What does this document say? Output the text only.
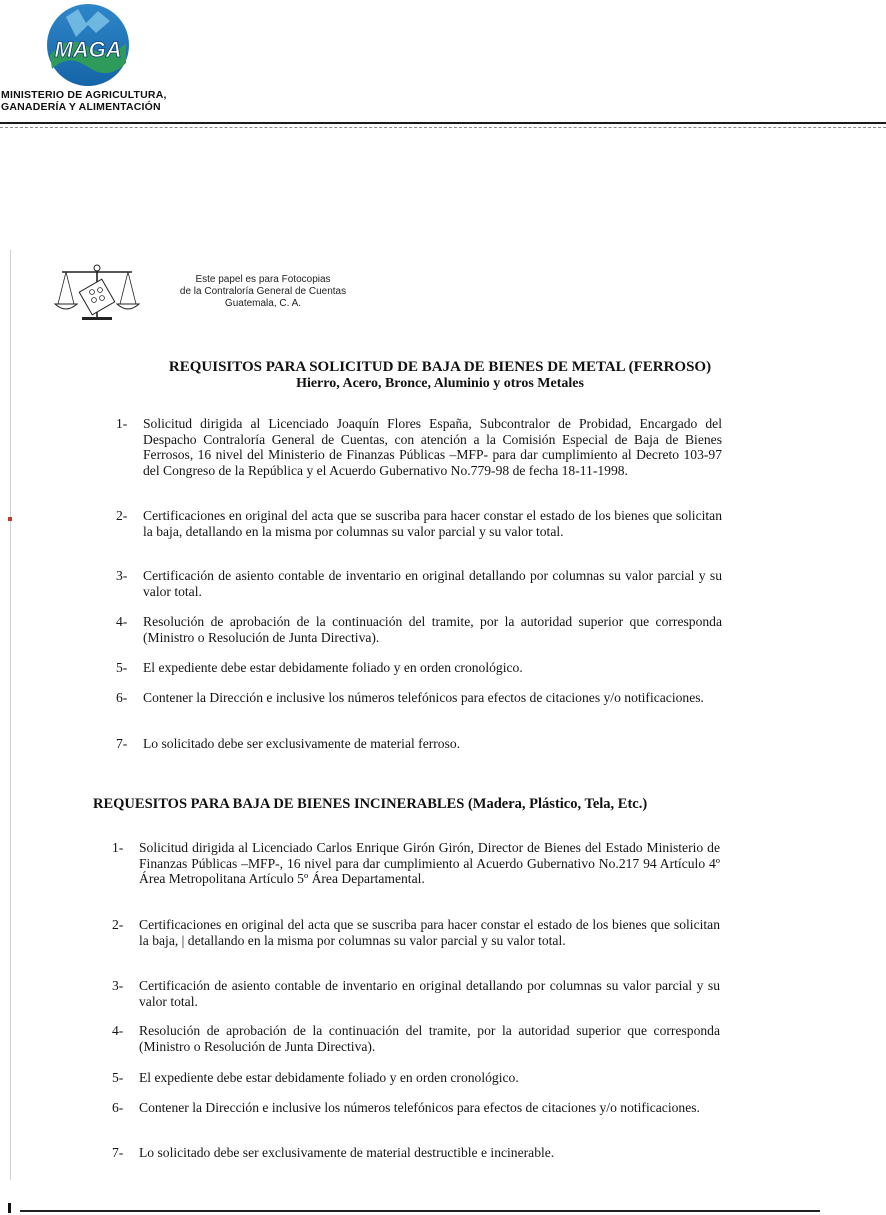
MAGA
MINISTERIO DE AGRICULTURA,
GANADERÍA Y ALIMENTACIÓN
Este papel es para Fotocopias
de la Contraloría General de Cuentas
Guatemala, C. A.
REQUISITOS PARA SOLICITUD DE BAJA DE BIENES DE METAL (FERROSO)
Hierro, Acero, Bronce, Aluminio y otros Metales
1-	Solicitud dirigida al Licenciado Joaquín Flores España, Subcontralor de Probidad, Encargado del Despacho Contraloría General de Cuentas, con atención a la Comisión Especial de Baja de Bienes Ferrosos, 16 nivel del Ministerio de Finanzas Públicas –MFP- para dar cumplimiento al Decreto 103-97 del Congreso de la República y el Acuerdo Gubernativo No.779-98 de fecha 18-11-1998.
2-	Certificaciones en original del acta que se suscriba para hacer constar el estado de los bienes que solicitan la baja, detallando en la misma por columnas su valor parcial y su valor total.
3-	Certificación de asiento contable de inventario en original detallando por columnas su valor parcial y su valor total.
4-	Resolución de aprobación de la continuación del tramite, por la autoridad superior que corresponda (Ministro o Resolución de Junta Directiva).
5-	El expediente debe estar debidamente foliado y en orden cronológico.
6-	Contener la Dirección e inclusive los números telefónicos para efectos de citaciones y/o notificaciones.
7-	Lo solicitado debe ser exclusivamente de material ferroso.
REQUESITOS PARA BAJA DE BIENES INCINERABLES (Madera, Plástico, Tela, Etc.)
1-	Solicitud dirigida al Licenciado Carlos Enrique Girón Girón, Director de Bienes del Estado Ministerio de Finanzas Públicas –MFP-, 16 nivel para dar cumplimiento al Acuerdo Gubernativo No.217 94 Artículo 4º Área Metropolitana Artículo 5º Área Departamental.
2-	Certificaciones en original del acta que se suscriba para hacer constar el estado de los bienes que solicitan la baja, | detallando en la misma por columnas su valor parcial y su valor total.
3-	Certificación de asiento contable de inventario en original detallando por columnas su valor parcial y su valor total.
4-	Resolución de aprobación de la continuación del tramite, por la autoridad superior que corresponda (Ministro o Resolución de Junta Directiva).
5-	El expediente debe estar debidamente foliado y en orden cronológico.
6-	Contener la Dirección e inclusive los números telefónicos para efectos de citaciones y/o notificaciones.
7-	Lo solicitado debe ser exclusivamente de material destructible e incinerable.
